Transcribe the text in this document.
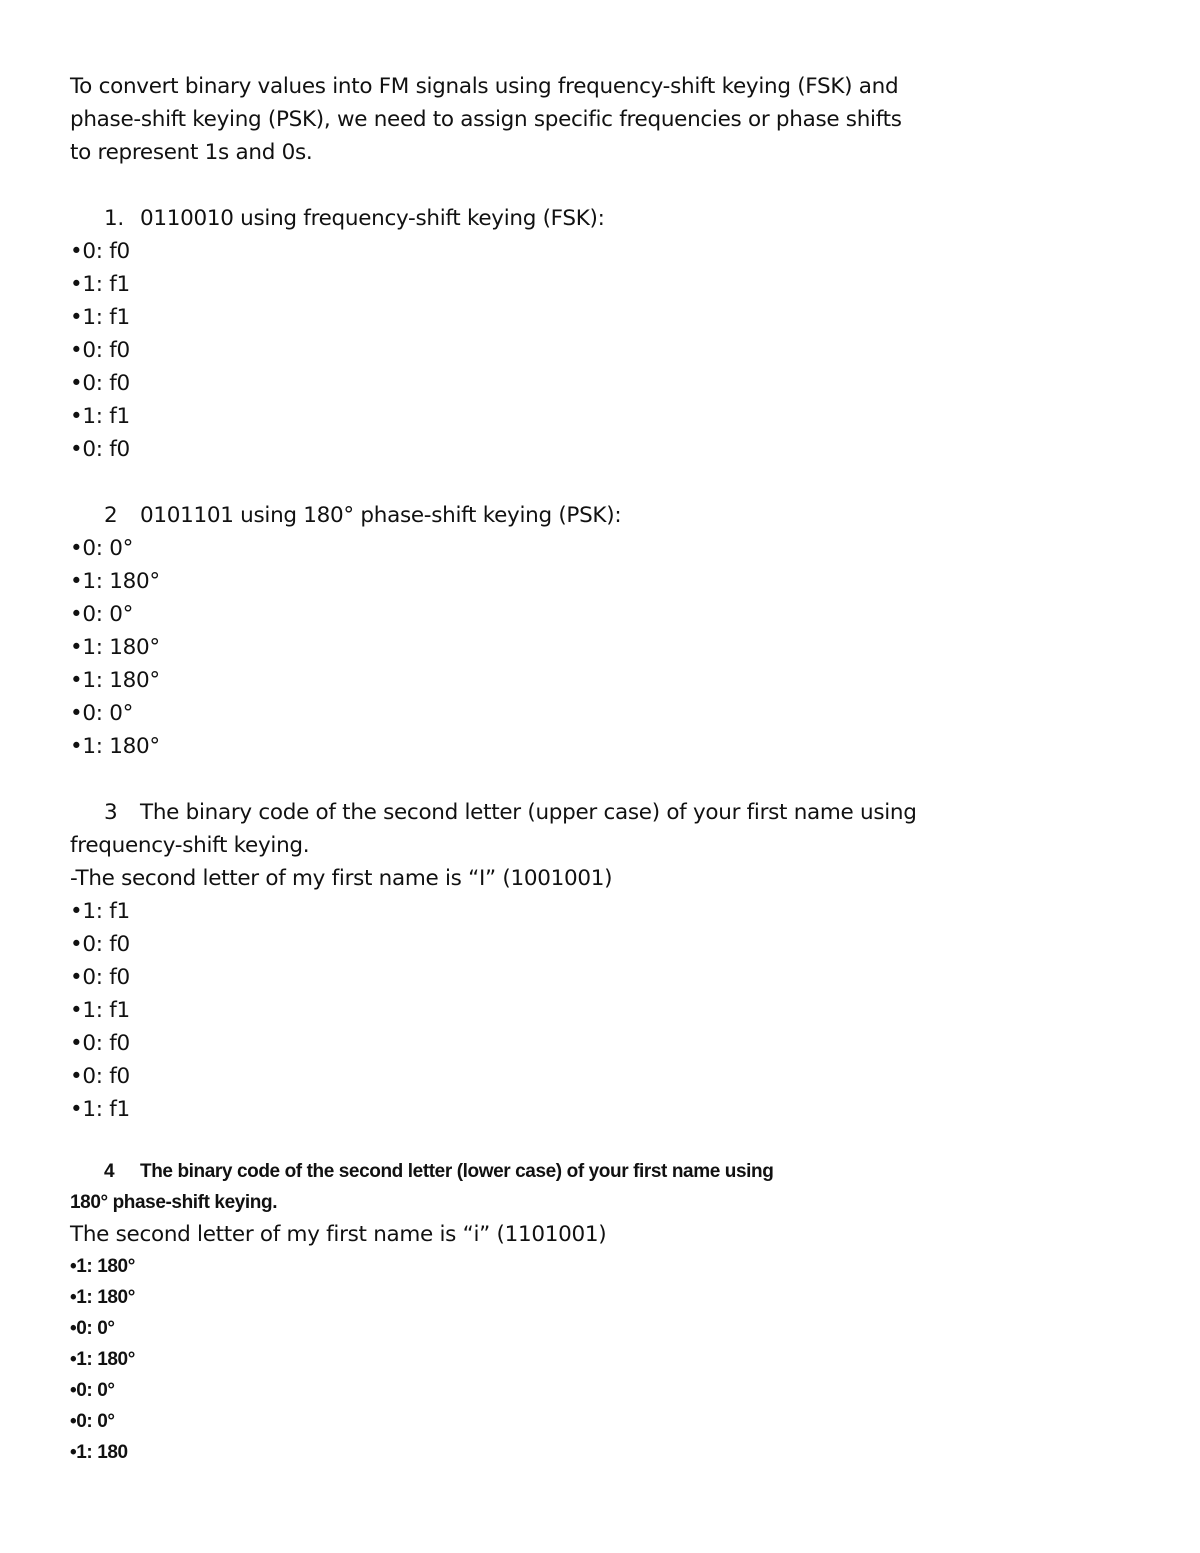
To convert binary values into FM signals using frequency-shift keying (FSK) and

phase-shift keying (PSK), we need to assign specific frequencies or phase shifts

to represent 1s and 0s.

1. 0110010 using frequency-shift keying (FSK):

•0: f0

•1: f1

•1: f1

•0: f0

•0: f0

•1: f1

•0: f0

2 0101101 using 180° phase-shift keying (PSK):

•0: 0°

•1: 180°

•0: 0°

•1: 180°

•1: 180°

•0: 0°

•1: 180°

3 The binary code of the second letter (upper case) of your first name using

frequency-shift keying.

-The second letter of my first name is “I” (1001001)

•1: f1

•0: f0

•0: f0

•1: f1

•0: f0

•0: f0

•1: f1

4 The binary code of the second letter (lower case) of your first name using

180° phase-shift keying.

The second letter of my first name is “i” (1101001)

•1: 180°

•1: 180°

•0: 0°

•1: 180°

•0: 0°

•0: 0°

•1: 180
